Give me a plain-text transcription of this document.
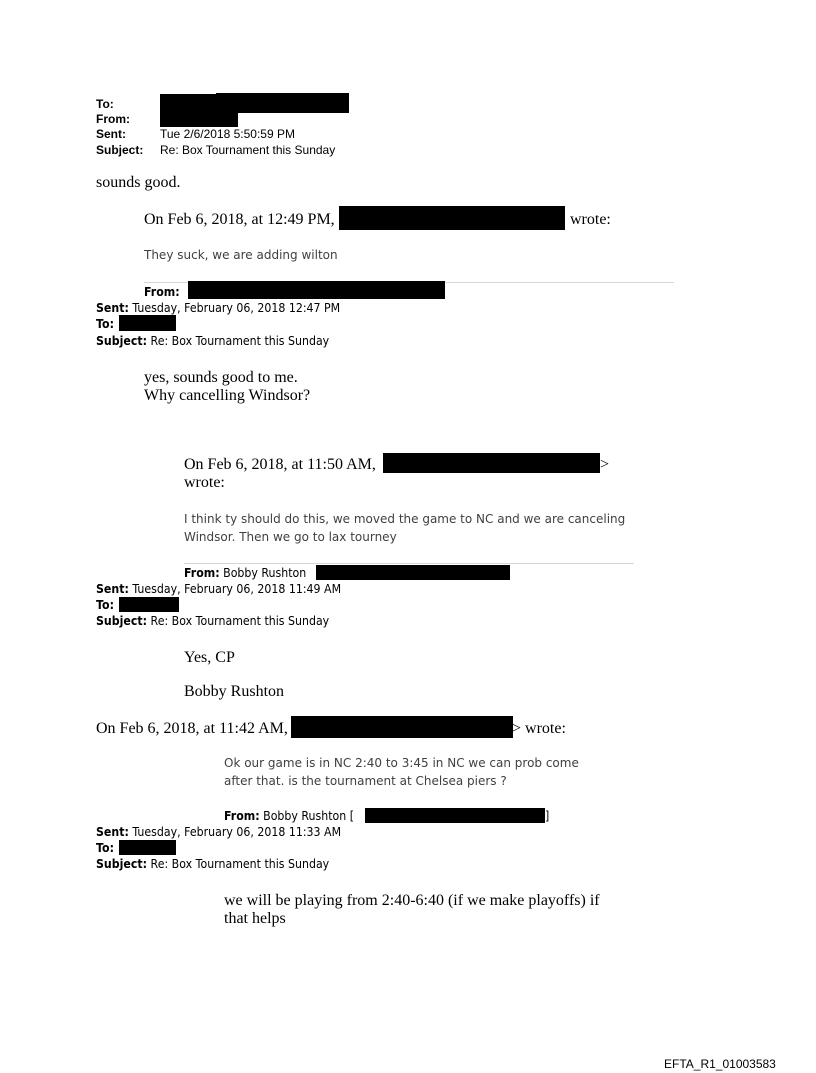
To:
From:
Sent:	Tue 2/6/2018 5:50:59 PM
Subject: Re: Box Tournament this Sunday
sounds good.
On Feb 6, 2018, at 12:49 PM,	wrote:
They suck, we are adding wilton
From:
Sent: Tuesday, February 06, 2018 12:47 PM
To:
Subject: Re: Box Tournament this Sunday
yes, sounds good to me.
Why cancelling Windsor?
On Feb 6, 2018, at 11:50 AM,	>
wrote:
I think ty should do this, we moved the game to NC and we are canceling
Windsor. Then we go to lax tourney
From: Bobby Rushton
Sent: Tuesday, February 06, 2018 11:49 AM
To:
Subject: Re: Box Tournament this Sunday
Yes, CP
Bobby Rushton
On Feb 6, 2018, at 11:42 AM,	> wrote:
Ok our game is in NC 2:40 to 3:45 in NC we can prob come
after that. is the tournament at Chelsea piers ?
From: Bobby Rushton [	]
Sent: Tuesday, February 06, 2018 11:33 AM
To:
Subject: Re: Box Tournament this Sunday
we will be playing from 2:40-6:40 (if we make playoffs) if
that helps
EFTA_R1_01003583
